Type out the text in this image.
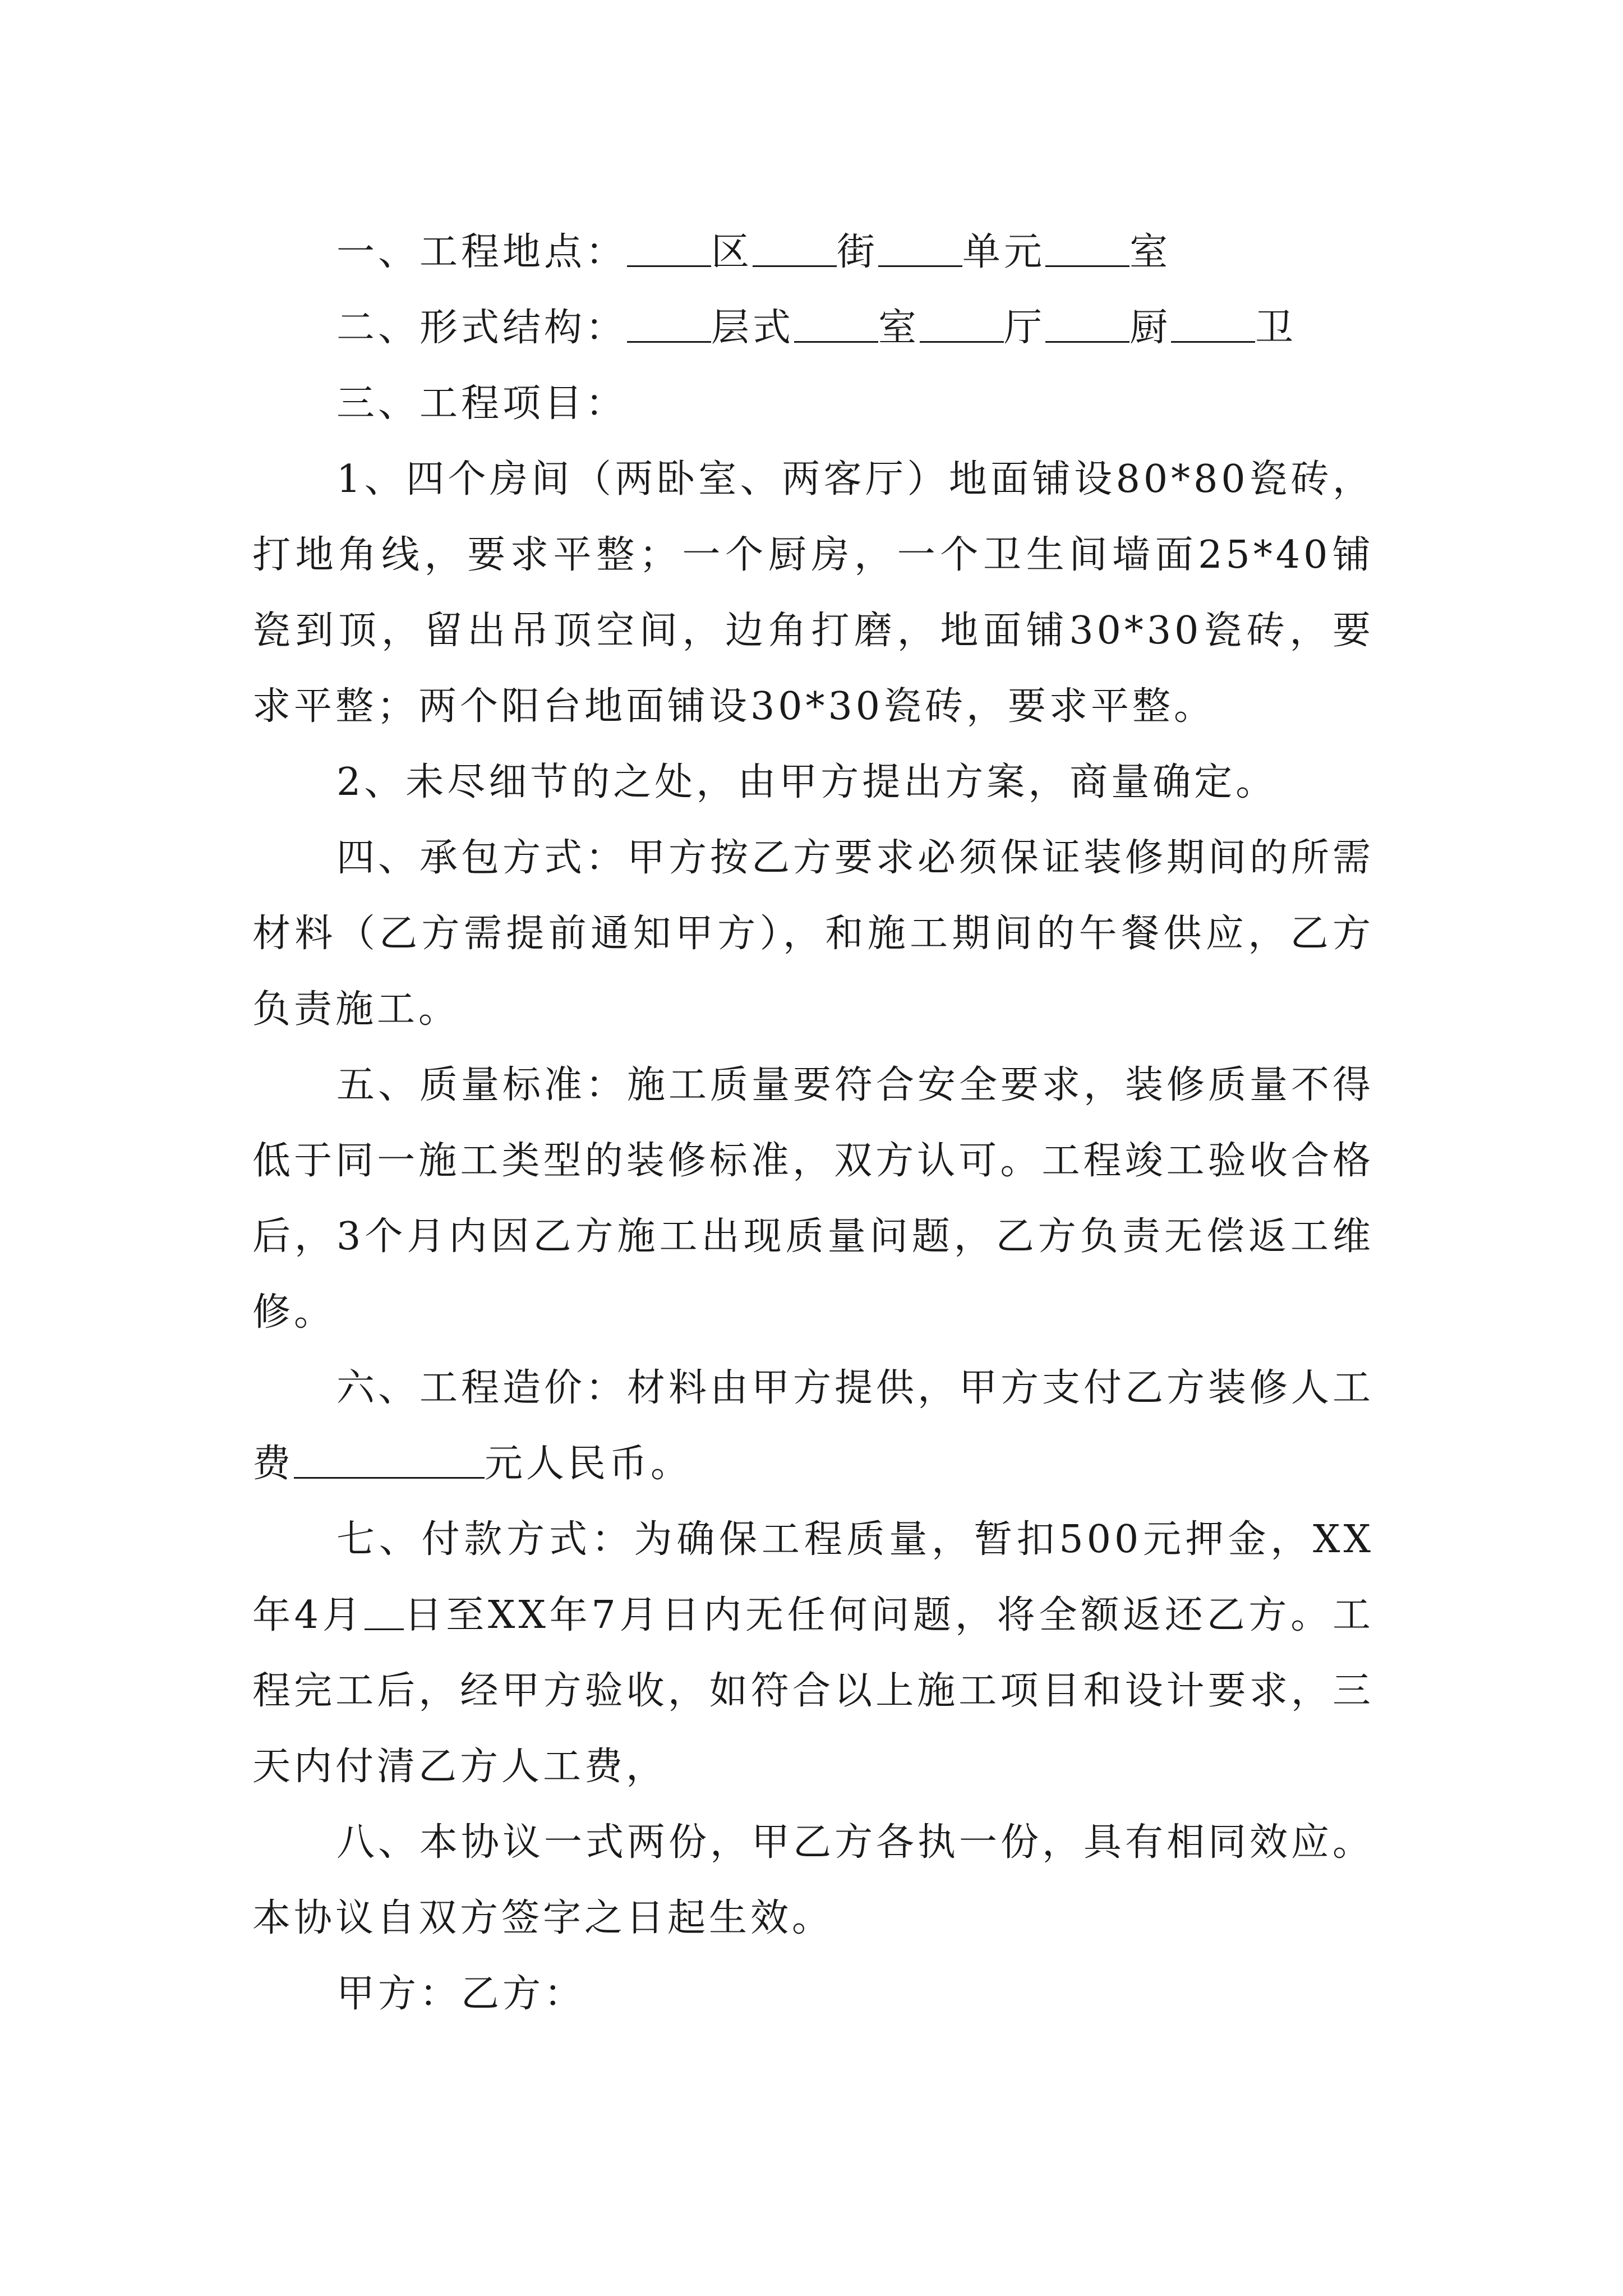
一、工程地点： 区 街 单元 室

二、形式结构： 层式 室 厅 厨 卫

三、工程项目：

1、四个房间（两卧室、两客厅）地面铺设80*80瓷砖，打地角线，要求平整；一个厨房，一个卫生间墙面25*40铺瓷到顶，留出吊顶空间，边角打磨，地面铺30*30瓷砖，要求平整；两个阳台地面铺设30*30瓷砖，要求平整。

2、未尽细节的之处，由甲方提出方案，商量确定。

四、承包方式：甲方按乙方要求必须保证装修期间的所需材料（乙方需提前通知甲方），和施工期间的午餐供应，乙方负责施工。

五、质量标准：施工质量要符合安全要求，装修质量不得低于同一施工类型的装修标准，双方认可。工程竣工验收合格后，3个月内因乙方施工出现质量问题，乙方负责无偿返工维修。

六、工程造价：材料由甲方提供，甲方支付乙方装修人工费	元人民币。

七、付款方式：为确保工程质量，暂扣500元押金，XX年4月 日至XX年7月日内无任何问题，将全额返还乙方。工程完工后，经甲方验收，如符合以上施工项目和设计要求，三天内付清乙方人工费，

八、本协议一式两份，甲乙方各执一份，具有相同效应。本协议自双方签字之日起生效。

甲方：乙方：
